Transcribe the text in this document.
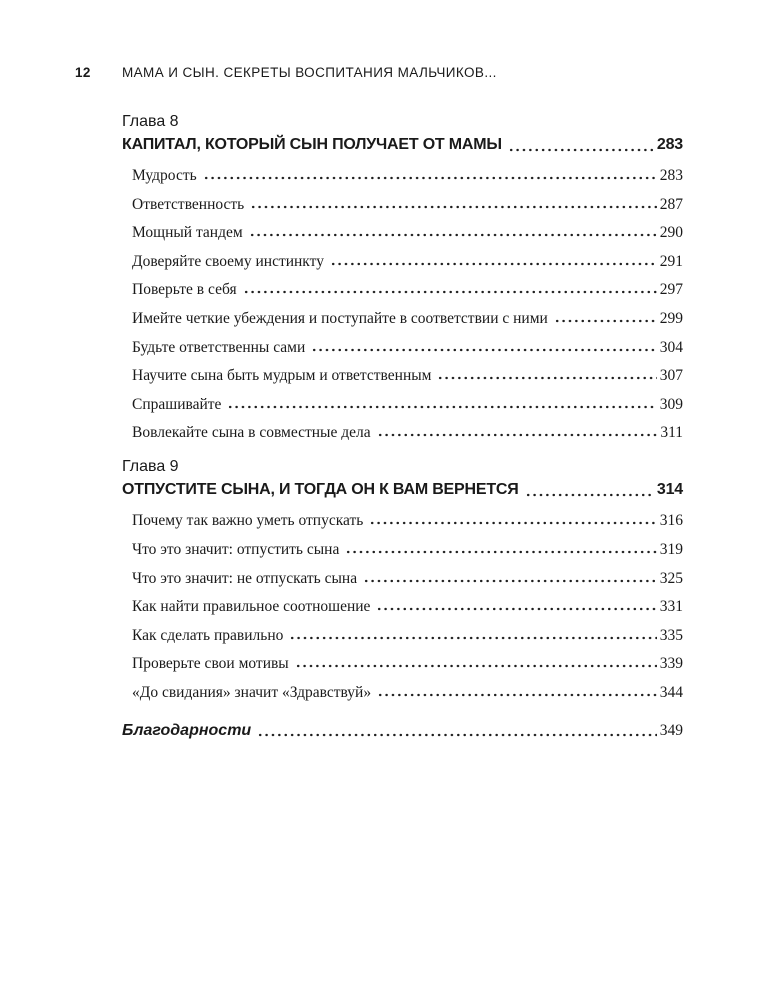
12	МАМА И СЫН. СЕКРЕТЫ ВОСПИТАНИЯ МАЛЬЧИКОВ...
Глава 8
КАПИТАЛ, КОТОРЫЙ СЫН ПОЛУЧАЕТ ОТ МАМЫ	283
Мудрость	283
Ответственность	287
Мощный тандем	290
Доверяйте своему инстинкту	291
Поверьте в себя	297
Имейте четкие убеждения и поступайте в соответствии с ними	299
Будьте ответственны сами	304
Научите сына быть мудрым и ответственным	307
Спрашивайте	309
Вовлекайте сына в совместные дела	311
Глава 9
ОТПУСТИТЕ СЫНА, И ТОГДА ОН К ВАМ ВЕРНЕТСЯ	314
Почему так важно уметь отпускать	316
Что это значит: отпустить сына	319
Что это значит: не отпускать сына	325
Как найти правильное соотношение	331
Как сделать правильно	335
Проверьте свои мотивы	339
«До свидания» значит «Здравствуй»	344
Благодарности	349
